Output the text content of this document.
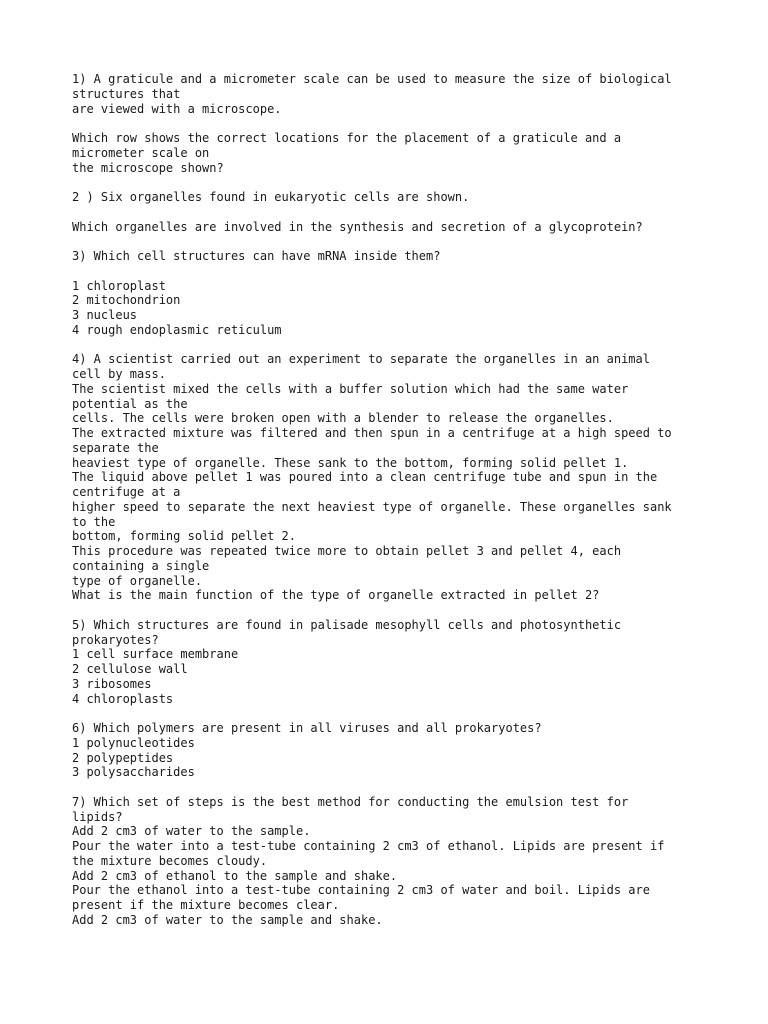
1) A graticule and a micrometer scale can be used to measure the size of biological
structures that
are viewed with a microscope.
Which row shows the correct locations for the placement of a graticule and a
micrometer scale on
the microscope shown?
2 ) Six organelles found in eukaryotic cells are shown.
Which organelles are involved in the synthesis and secretion of a glycoprotein?
3) Which cell structures can have mRNA inside them?
1 chloroplast
2 mitochondrion
3 nucleus
4 rough endoplasmic reticulum
4) A scientist carried out an experiment to separate the organelles in an animal
cell by mass.
The scientist mixed the cells with a buffer solution which had the same water
potential as the
cells. The cells were broken open with a blender to release the organelles.
The extracted mixture was filtered and then spun in a centrifuge at a high speed to
separate the
heaviest type of organelle. These sank to the bottom, forming solid pellet 1.
The liquid above pellet 1 was poured into a clean centrifuge tube and spun in the
centrifuge at a
higher speed to separate the next heaviest type of organelle. These organelles sank
to the
bottom, forming solid pellet 2.
This procedure was repeated twice more to obtain pellet 3 and pellet 4, each
containing a single
type of organelle.
What is the main function of the type of organelle extracted in pellet 2?
5) Which structures are found in palisade mesophyll cells and photosynthetic
prokaryotes?
1 cell surface membrane
2 cellulose wall
3 ribosomes
4 chloroplasts
6) Which polymers are present in all viruses and all prokaryotes?
1 polynucleotides
2 polypeptides
3 polysaccharides
7) Which set of steps is the best method for conducting the emulsion test for
lipids?
Add 2 cm3 of water to the sample.
Pour the water into a test-tube containing 2 cm3 of ethanol. Lipids are present if
the mixture becomes cloudy.
Add 2 cm3 of ethanol to the sample and shake.
Pour the ethanol into a test-tube containing 2 cm3 of water and boil. Lipids are
present if the mixture becomes clear.
Add 2 cm3 of water to the sample and shake.
